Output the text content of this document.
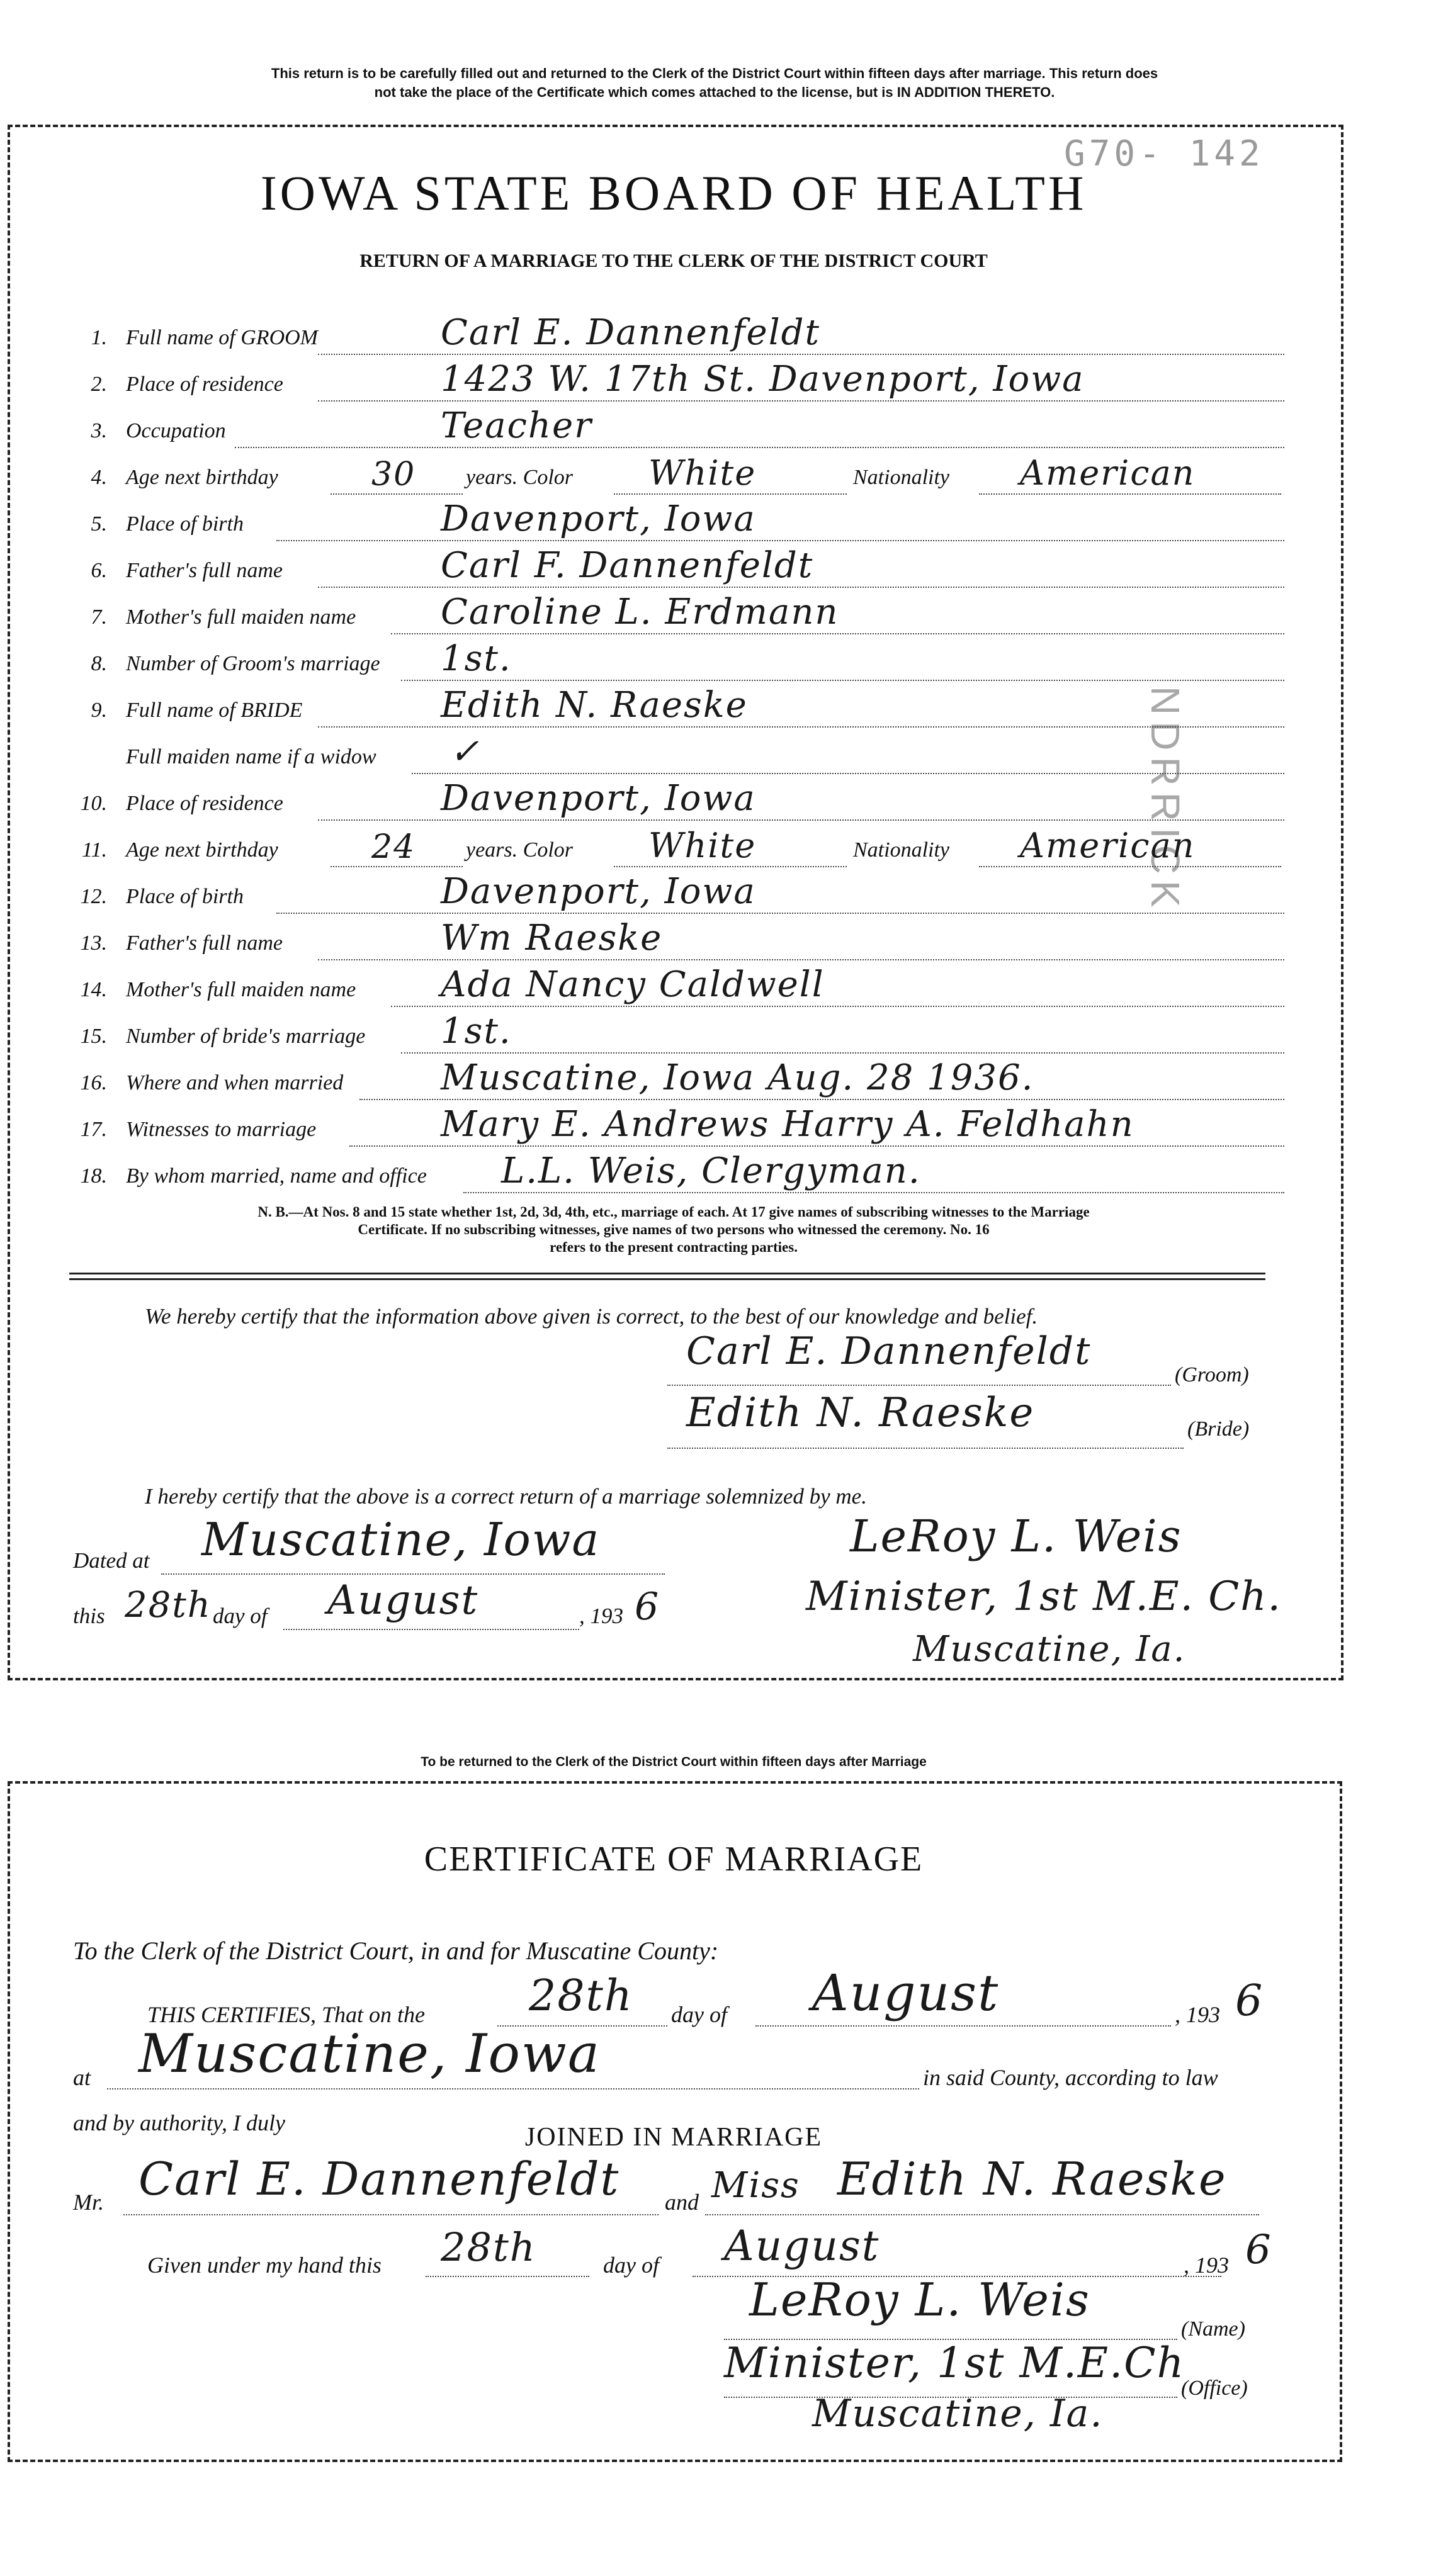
This return is to be carefully filled out and returned to the Clerk of the District Court within fifteen days after marriage. This return does
not take the place of the Certificate which comes attached to the license, but is IN ADDITION THERETO.
G70- 142
IOWA STATE BOARD OF HEALTH
RETURN OF A MARRIAGE TO THE CLERK OF THE DISTRICT COURT
NDRRICK
1. Full name of GROOM	Carl E. Dannenfeldt
2. Place of residence	1423 W. 17th St. Davenport, Iowa
3. Occupation	Teacher
4. Age next birthday	30 years. Color White	Nationality American
5. Place of birth	Davenport, Iowa
6. Father's full name	Carl F. Dannenfeldt
7. Mother's full maiden name Caroline L. Erdmann
8. Number of Groom's marriage 1st.
9. Full name of BRIDE	Edith N. Raeske
Full maiden name if a widow ✓
10. Place of residence	Davenport, Iowa
11. Age next birthday	24 years. Color White	Nationality American
12. Place of birth	Davenport, Iowa
13. Father's full name	Wm Raeske
14. Mother's full maiden name Ada Nancy Caldwell
15. Number of bride's marriage 1st.
16. Where and when married	Muscatine, Iowa Aug. 28 1936.
17. Witnesses to marriage	Mary E. Andrews Harry A. Feldhahn
18. By whom married, name and office L.L. Weis, Clergyman.
N. B.—At Nos. 8 and 15 state whether 1st, 2d, 3d, 4th, etc., marriage of each. At 17 give names of subscribing witnesses to the Marriage
Certificate. If no subscribing witnesses, give names of two persons who witnessed the ceremony. No. 16
refers to the present contracting parties.
We hereby certify that the information above given is correct, to the best of our knowledge and belief.
Carl E. Dannenfeldt
(Groom)
Edith N. Raeske	(Bride)
I hereby certify that the above is a correct return of a marriage solemnized by me.
Dated at Muscatine, Iowa
this 28th day of August	, 193 6
LeRoy L. Weis
Minister, 1st M.E. Ch.
Muscatine, Ia.
To be returned to the Clerk of the District Court within fifteen days after Marriage
CERTIFICATE OF MARRIAGE
To the Clerk of the District Court, in and for Muscatine County:
THIS CERTIFIES, That on the 28th day of August	, 193 6
at Muscatine, Iowa	in said County, according to law
and by authority, I duly	JOINED IN MARRIAGE
Mr. Carl E. Dannenfeldt and Miss Edith N. Raeske
Given under my hand this 28th	day of August	, 193 6
LeRoy L. Weis
(Name)
Minister, 1st M.E.Ch
(Office)
Muscatine, Ia.
